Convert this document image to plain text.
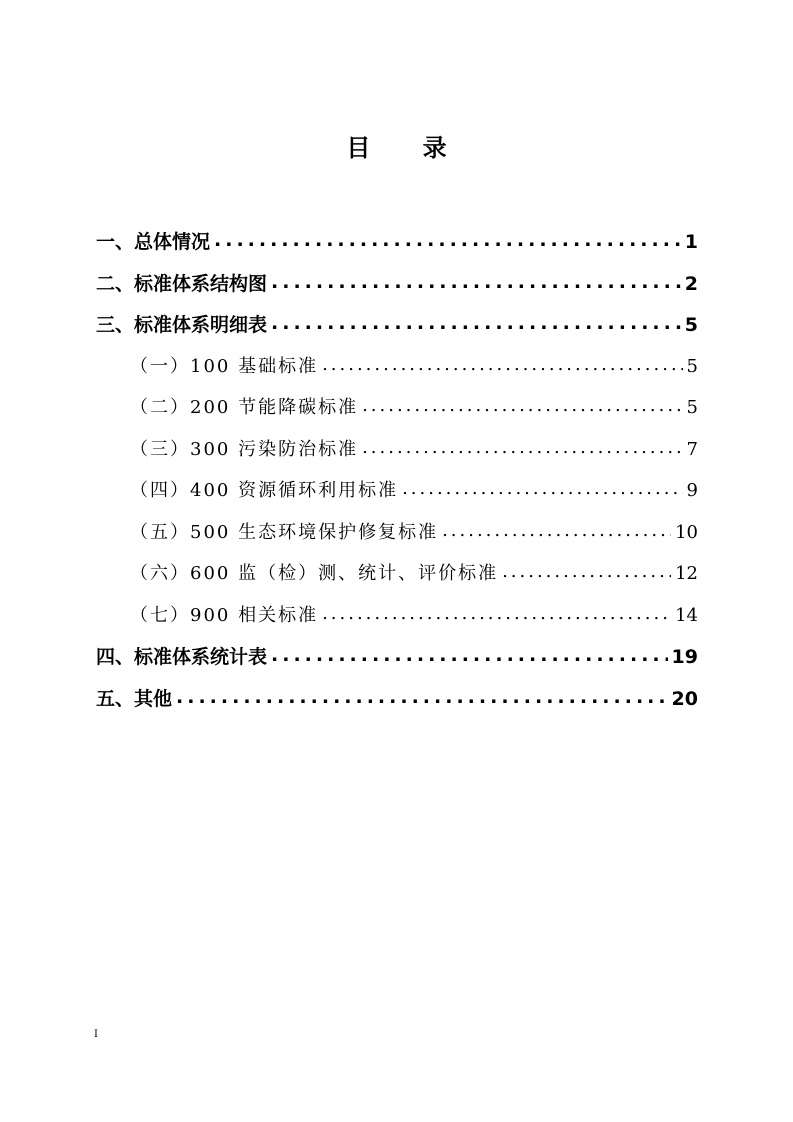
目 录
一、总体情况 .....	1
二、标准体系结构图 .....	2
三、标准体系明细表 .....	5
（一）100 基础标准 .....	5
（二）200 节能降碳标准 .....	5
（三）300 污染防治标准 .....	7
（四）400 资源循环利用标准 .....	9
（五）500 生态环境保护修复标准 .....	10
（六）600 监（检）测、统计、评价标准 .....	12
（七）900 相关标准 .....	14
四、标准体系统计表 .....	19
五、其他 .....	20
I
